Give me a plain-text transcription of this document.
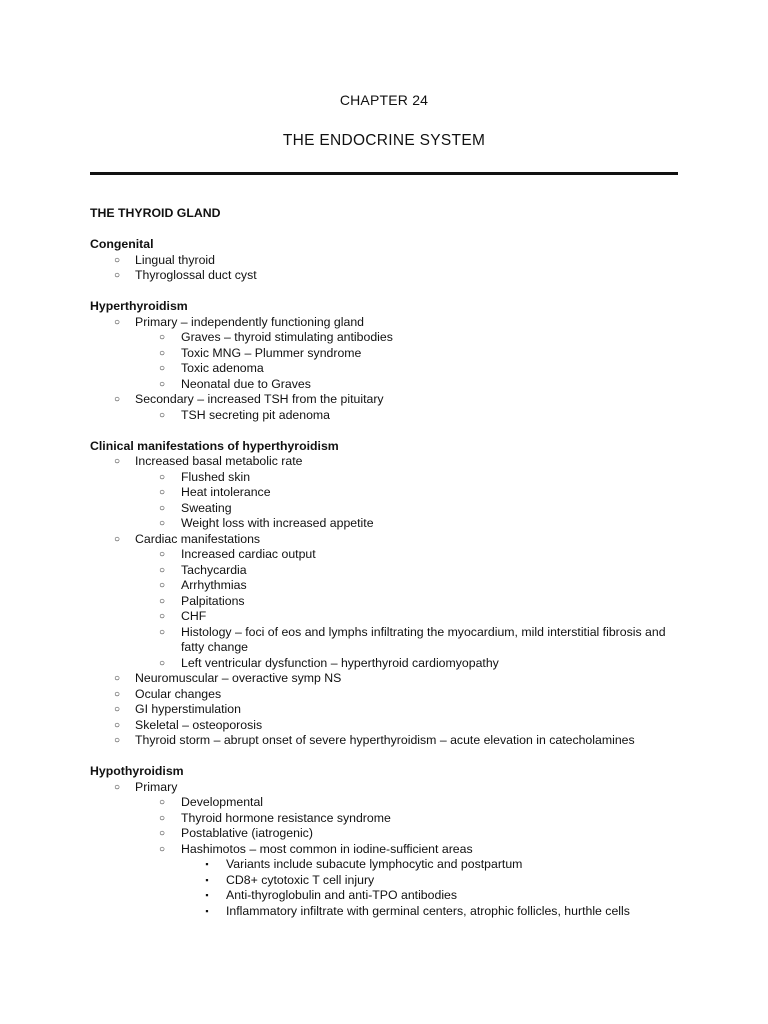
CHAPTER 24
THE ENDOCRINE SYSTEM
THE THYROID GLAND
Congenital
○ Lingual thyroid
○ Thyroglossal duct cyst
Hyperthyroidism
○ Primary – independently functioning gland
○ Graves – thyroid stimulating antibodies
○ Toxic MNG – Plummer syndrome
○ Toxic adenoma
○ Neonatal due to Graves
○ Secondary – increased TSH from the pituitary
○ TSH secreting pit adenoma
Clinical manifestations of hyperthyroidism
○ Increased basal metabolic rate
○ Flushed skin
○ Heat intolerance
○ Sweating
○ Weight loss with increased appetite
○ Cardiac manifestations
○ Increased cardiac output
○ Tachycardia
○ Arrhythmias
○ Palpitations
○ CHF
○ Histology – foci of eos and lymphs infiltrating the myocardium, mild interstitial fibrosis and fatty change
○ Left ventricular dysfunction – hyperthyroid cardiomyopathy
○ Neuromuscular – overactive symp NS
○ Ocular changes
○ GI hyperstimulation
○ Skeletal – osteoporosis
○ Thyroid storm – abrupt onset of severe hyperthyroidism – acute elevation in catecholamines
Hypothyroidism
○ Primary
○ Developmental
○ Thyroid hormone resistance syndrome
○ Postablative (iatrogenic)
○ Hashimotos – most common in iodine-sufficient areas
▪	Variants include subacute lymphocytic and postpartum
▪	CD8+ cytotoxic T cell injury
▪	Anti-thyroglobulin and anti-TPO antibodies
▪	Inflammatory infiltrate with germinal centers, atrophic follicles, hurthle cells
